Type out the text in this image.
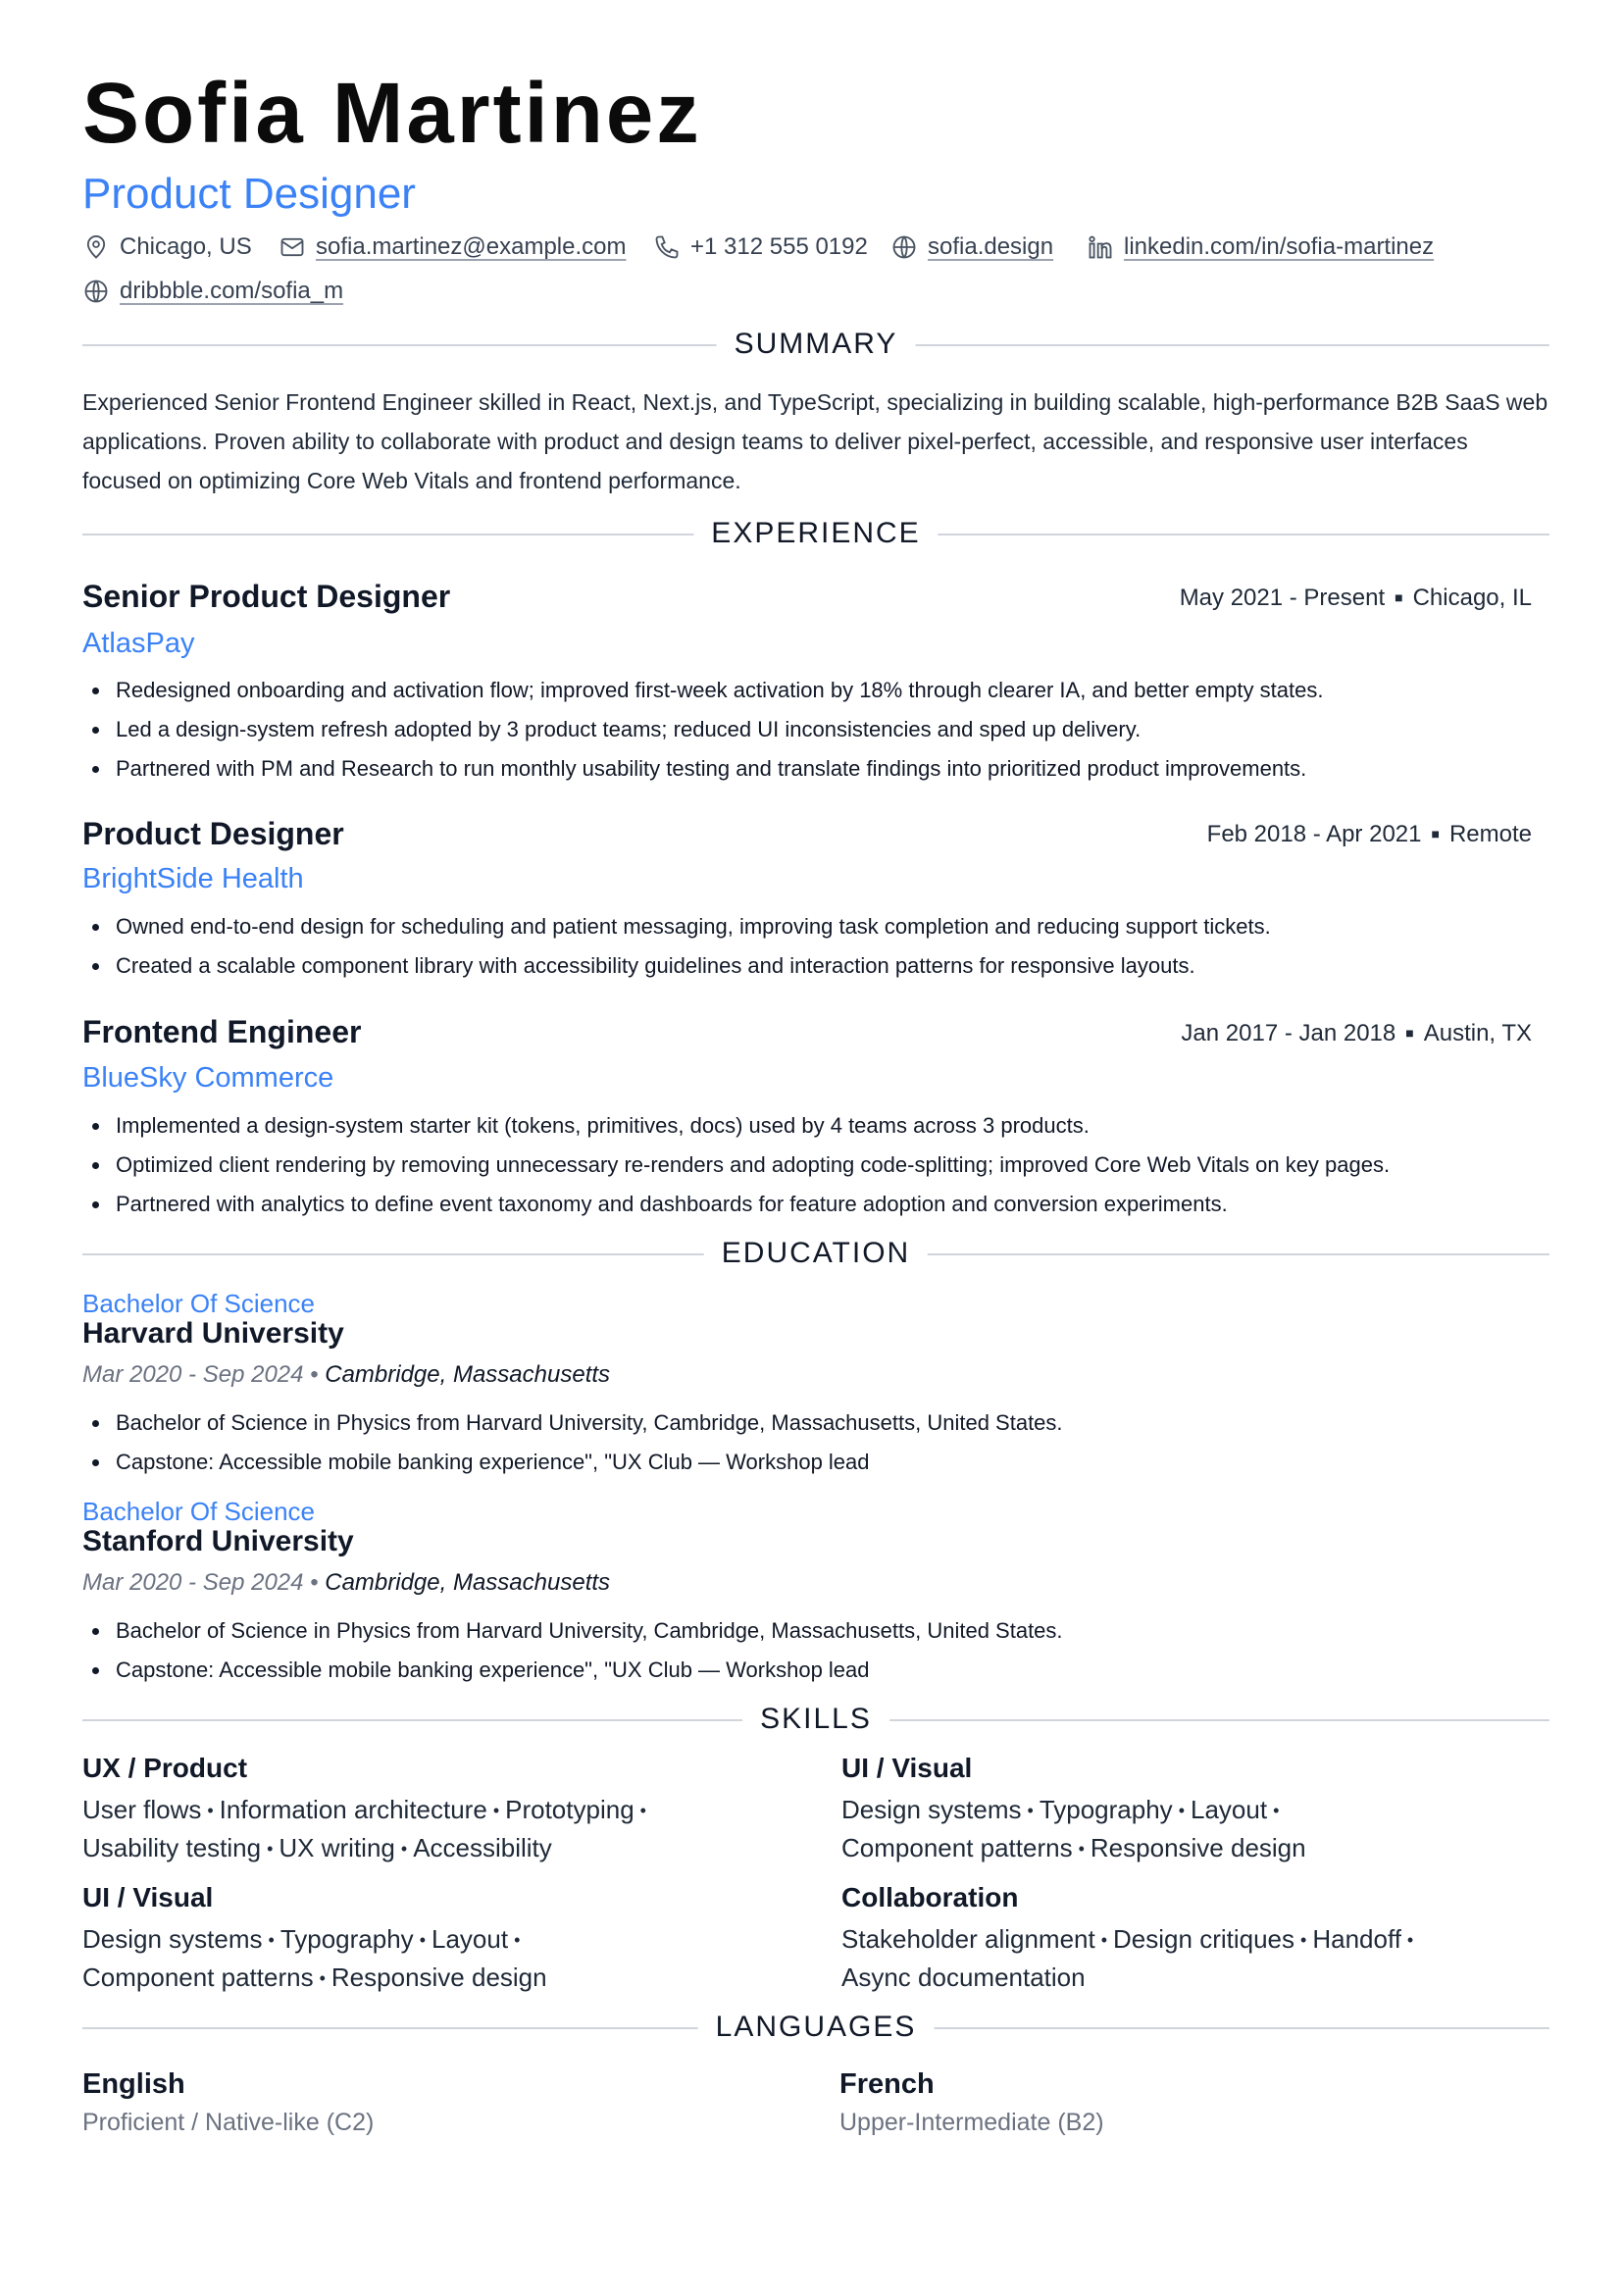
Sofia Martinez
Product Designer
Chicago, US	sofia.martinez@example.com	+1 312 555 0192	sofia.design	linkedin.com/in/sofia-martinez
dribbble.com/sofia_m
SUMMARY
Experienced Senior Frontend Engineer skilled in React, Next.js, and TypeScript, specializing in building scalable, high-performance B2B SaaS web applications. Proven ability to collaborate with product and design teams to deliver pixel-perfect, accessible, and responsive user interfaces focused on optimizing Core Web Vitals and frontend performance.
EXPERIENCE
Senior Product Designer	May 2021 - Present ■ Chicago, IL
AtlasPay
Redesigned onboarding and activation flow; improved first-week activation by 18% through clearer IA, and better empty states.
Led a design-system refresh adopted by 3 product teams; reduced UI inconsistencies and sped up delivery.
Partnered with PM and Research to run monthly usability testing and translate findings into prioritized product improvements.
Product Designer	Feb 2018 - Apr 2021 ■ Remote
BrightSide Health
Owned end-to-end design for scheduling and patient messaging, improving task completion and reducing support tickets.
Created a scalable component library with accessibility guidelines and interaction patterns for responsive layouts.
Frontend Engineer	Jan 2017 - Jan 2018 ■ Austin, TX
BlueSky Commerce
Implemented a design-system starter kit (tokens, primitives, docs) used by 4 teams across 3 products.
Optimized client rendering by removing unnecessary re-renders and adopting code-splitting; improved Core Web Vitals on key pages.
Partnered with analytics to define event taxonomy and dashboards for feature adoption and conversion experiments.
EDUCATION
Bachelor Of Science
Harvard University
Mar 2020 - Sep 2024 • Cambridge, Massachusetts
Bachelor of Science in Physics from Harvard University, Cambridge, Massachusetts, United States.
Capstone: Accessible mobile banking experience", "UX Club — Workshop lead
Bachelor Of Science
Stanford University
Mar 2020 - Sep 2024 • Cambridge, Massachusetts
Bachelor of Science in Physics from Harvard University, Cambridge, Massachusetts, United States.
Capstone: Accessible mobile banking experience", "UX Club — Workshop lead
SKILLS
UX / Product
User flows • Information architecture • Prototyping •
Usability testing • UX writing • Accessibility
UI / Visual
Design systems • Typography • Layout •
Component patterns • Responsive design
UI / Visual
Design systems • Typography • Layout •
Component patterns • Responsive design
Collaboration
Stakeholder alignment • Design critiques • Handoff •
Async documentation
LANGUAGES
English
Proficient / Native-like (C2)
French
Upper-Intermediate (B2)
